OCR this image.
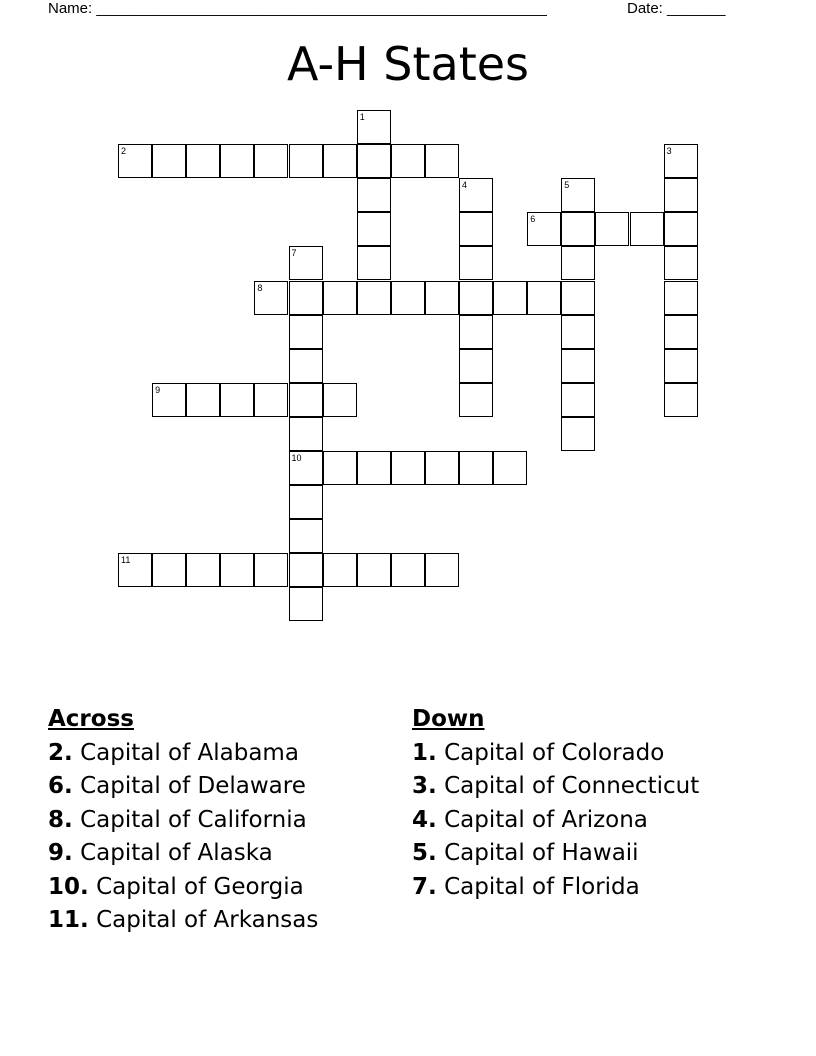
Name: ______________________________________________________	Date: _______
A-H States
2
6
8
9
10
11
1
3
4	5
7
Across
2. Capital of Alabama
6. Capital of Delaware
8. Capital of California
9. Capital of Alaska
10. Capital of Georgia
11. Capital of Arkansas
Down
1. Capital of Colorado
3. Capital of Connecticut
4. Capital of Arizona
5. Capital of Hawaii
7. Capital of Florida
